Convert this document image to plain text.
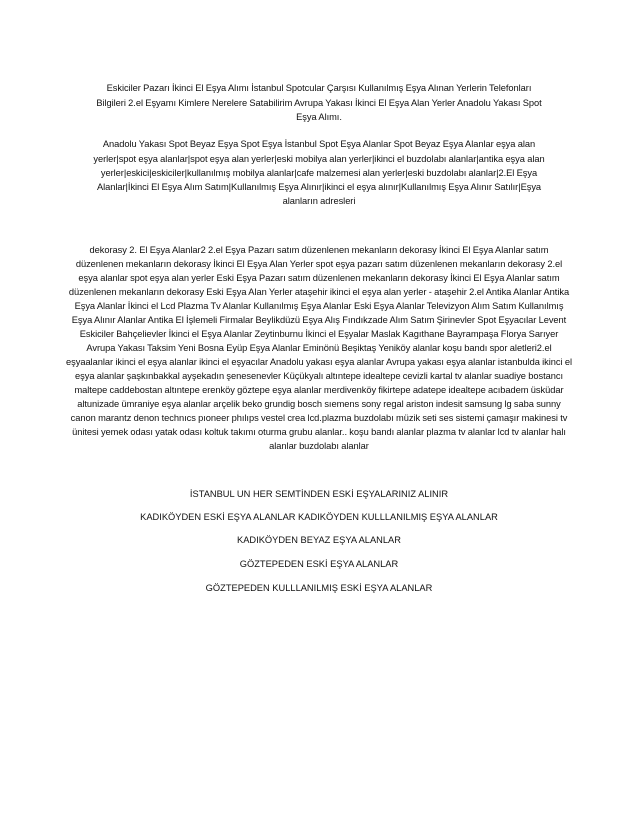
Eskiciler Pazarı İkinci El Eşya Alımı İstanbul Spotcular Çarşısı Kullanılmış Eşya Alınan Yerlerin Telefonları Bilgileri 2.el Eşyamı Kimlere Nerelere Satabilirim Avrupa Yakası İkinci El Eşya Alan Yerler Anadolu Yakası Spot Eşya Alımı.

Anadolu Yakası Spot Beyaz Eşya Spot Eşya İstanbul Spot Eşya Alanlar Spot Beyaz Eşya Alanlar eşya alan yerler|spot eşya alanlar|spot eşya alan yerler|eski mobilya alan yerler|ikinci el buzdolabı alanlar|antika eşya alan yerler|eskici|eskiciler|kullanılmış mobilya alanlar|cafe malzemesi alan yerler|eski buzdolabı alanlar|2.El Eşya Alanlar|İkinci El Eşya Alım Satım|Kullanılmış Eşya Alınır|ikinci el eşya alınır|Kullanılmış Eşya Alınır Satılır|Eşya alanların adresleri

dekorasy 2. El Eşya Alanlar2 2.el Eşya Pazarı satım düzenlenen mekanların dekorasy İkinci El Eşya Alanlar satım düzenlenen mekanların dekorasy İkinci El Eşya Alan Yerler spot eşya pazarı satım düzenlenen mekanların dekorasy 2.el eşya alanlar spot eşya alan yerler Eski Eşya Pazarı satım düzenlenen mekanların dekorasy İkinci El Eşya Alanlar satım düzenlenen mekanların dekorasy Eski Eşya Alan Yerler ataşehir ikinci el eşya alan yerler - ataşehir 2.el Antika Alanlar Antika Eşya Alanlar İkinci el Lcd Plazma Tv Alanlar Kullanılmış Eşya Alanlar Eski Eşya Alanlar Televizyon Alım Satım Kullanılmış Eşya Alınır Alanlar Antika El İşlemeli Firmalar Beylikdüzü Eşya Alış Fındıkzade Alım Satım Şirinevler Spot Eşyacılar Levent Eskiciler Bahçelievler İkinci el Eşya Alanlar Zeytinburnu İkinci el Eşyalar Maslak Kagıthane Bayrampaşa Florya Sarıyer Avrupa Yakası Taksim Yeni Bosna Eyüp Eşya Alanlar Eminönü Beşiktaş Yeniköy alanlar koşu bandı spor aletleri2.el eşyaalanlar ikinci el eşya alanlar ikinci el eşyacılar Anadolu yakası eşya alanlar Avrupa yakası eşya alanlar istanbulda ikinci el eşya alanlar şaşkınbakkal ayşekadın şenesenevler Küçükyalı altıntepe idealtepe cevizli kartal tv alanlar suadiye bostancı maltepe caddebostan altıntepe erenköy göztepe eşya alanlar merdivenköy fikirtepe adatepe idealtepe acıbadem üsküdar altunizade ümraniye eşya alanlar arçelik beko grundig bosch sıemens sony regal ariston indesit samsung lg saba sunny canon marantz denon technıcs pıoneer phılıps vestel crea lcd.plazma buzdolabı müzik seti ses sistemi çamaşır makinesi tv ünitesi yemek odası yatak odası koltuk takımı oturma grubu alanlar.. koşu bandı alanlar plazma tv alanlar lcd tv alanlar halı alanlar buzdolabı alanlar

İSTANBUL UN HER SEMTİNDEN ESKİ EŞYALARINIZ ALINIR
KADIKÖYDEN ESKİ EŞYA ALANLAR KADIKÖYDEN KULLLANILMIŞ EŞYA ALANLAR
KADIKÖYDEN BEYAZ EŞYA ALANLAR
GÖZTEPEDEN ESKİ EŞYA ALANLAR
GÖZTEPEDEN KULLLANILMIŞ ESKİ EŞYA ALANLAR
